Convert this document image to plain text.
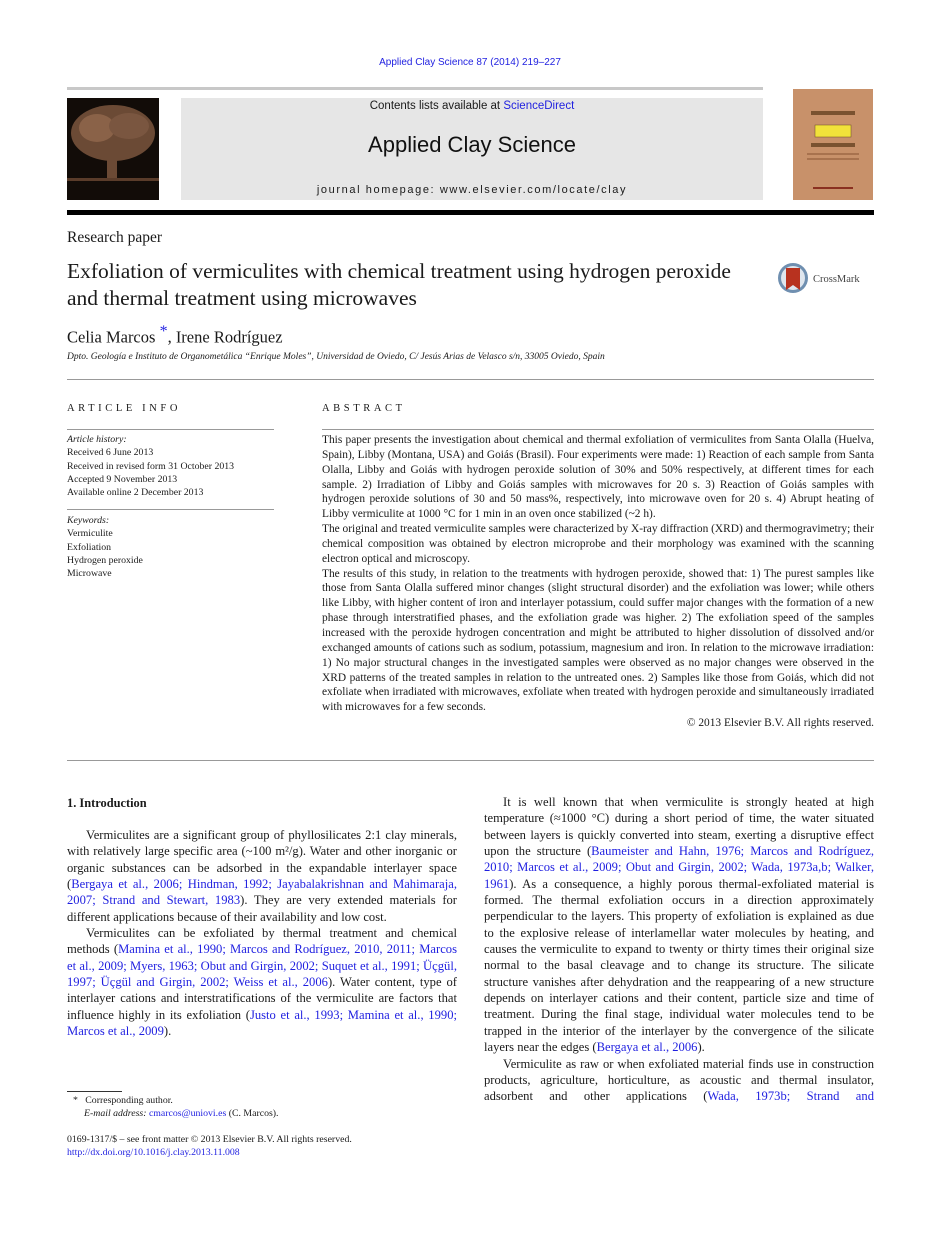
Applied Clay Science 87 (2014) 219–227
Contents lists available at ScienceDirect
Applied Clay Science
journal homepage: www.elsevier.com/locate/clay
Research paper
Exfoliation of vermiculites with chemical treatment using hydrogen peroxide and thermal treatment using microwaves
CrossMark
Celia Marcos *, Irene Rodríguez
Dpto. Geología e Instituto de Organometálica “Enrique Moles”, Universidad de Oviedo, C/ Jesús Arias de Velasco s/n, 33005 Oviedo, Spain
ARTICLE INFO
Article history:
Received 6 June 2013
Received in revised form 31 October 2013
Accepted 9 November 2013
Available online 2 December 2013
Keywords:
Vermiculite
Exfoliation
Hydrogen peroxide
Microwave
ABSTRACT

This paper presents the investigation about chemical and thermal exfoliation of vermiculites from Santa Olalla (Huelva, Spain), Libby (Montana, USA) and Goiás (Brasil). Four experiments were made: 1) Reaction of each sample from Santa Olalla, Libby and Goiás with hydrogen peroxide solution of 30% and 50% respectively, at different times for each sample. 2) Irradiation of Libby and Goiás samples with microwaves for 20 s. 3) Reaction of Goiás samples with hydrogen peroxide solutions of 30 and 50 mass%, respectively, into microwave oven for 20 s. 4) Abrupt heating of Libby vermiculite at 1000 °C for 1 min in an oven once stabilized (~2 h).

The original and treated vermiculite samples were characterized by X-ray diffraction (XRD) and thermogravimetry; their chemical composition was obtained by electron microprobe and their morphology was examined with the scanning electron optical and microscopy.

The results of this study, in relation to the treatments with hydrogen peroxide, showed that: 1) The purest samples like those from Santa Olalla suffered minor changes (slight structural disorder) and the exfoliation was lower; while others like Libby, with higher content of iron and interlayer potassium, could suffer major changes with the formation of a new phase through interstratified phases, and the exfoliation grade was higher. 2) The exfoliation speed of the samples increased with the peroxide hydrogen concentration and might be attributed to higher dissolution of dissolved and/or exchanged amounts of cations such as sodium, potassium, magnesium and iron. In relation to the microwave irradiation: 1) No major structural changes in the investigated samples were observed as no major changes were observed in the XRD patterns of the treated samples in relation to the untreated ones. 2) Samples like those from Goiás, which did not exfoliate when irradiated with microwaves, exfoliate when treated with hydrogen peroxide and simultaneously irradiated with microwaves for a few seconds.

© 2013 Elsevier B.V. All rights reserved.
1. Introduction

Vermiculites are a significant group of phyllosilicates 2:1 clay minerals, with relatively large specific area (~100 m²/g). Water and other inorganic or organic substances can be adsorbed in the expandable interlayer space (Bergaya et al., 2006; Hindman, 1992; Jayabalakrishnan and Mahimaraja, 2007; Strand and Stewart, 1983). They are very extended materials for different applications because of their availability and low cost.

Vermiculites can be exfoliated by thermal treatment and chemical methods (Mamina et al., 1990; Marcos and Rodríguez, 2010, 2011; Marcos et al., 2009; Myers, 1963; Obut and Girgin, 2002; Suquet et al., 1991; Üçgül, 1997; Üçgül and Girgin, 2002; Weiss et al., 2006). Water content, type of interlayer cations and interstratifications of the vermiculite are factors that influence highly in its exfoliation (Justo et al., 1993; Mamina et al., 1990; Marcos et al., 2009).

It is well known that when vermiculite is strongly heated at high temperature (≈1000 °C) during a short period of time, the water situated between layers is quickly converted into steam, exerting a disruptive effect upon the structure (Baumeister and Hahn, 1976; Marcos and Rodríguez, 2010; Marcos et al., 2009; Obut and Girgin, 2002; Wada, 1973a,b; Walker, 1961). As a consequence, a highly porous thermal-exfoliated material is formed. The thermal exfoliation occurs in a direction approximately perpendicular to the layers. This property of exfoliation is explained as due to the explosive release of interlamellar water molecules by heating, and causes the vermiculite to expand to twenty or thirty times their original size normal to the basal cleavage and to change its structure. The silicate structure vanishes after dehydration and the reappearing of a new structure depends on interlayer cations and their content, particle size and time of treatment. During the final stage, individual water molecules tend to be trapped in the interior of the interlayer by the convergence of the silicate layers near the edges (Bergaya et al., 2006).

Vermiculite as raw or when exfoliated material finds use in construction products, agriculture, horticulture, as acoustic and thermal insulator, adsorbent and other applications (Wada, 1973b; Strand and

* Corresponding author.
E-mail address: cmarcos@uniovi.es (C. Marcos).
0169-1317/$ – see front matter © 2013 Elsevier B.V. All rights reserved.
http://dx.doi.org/10.1016/j.clay.2013.11.008
